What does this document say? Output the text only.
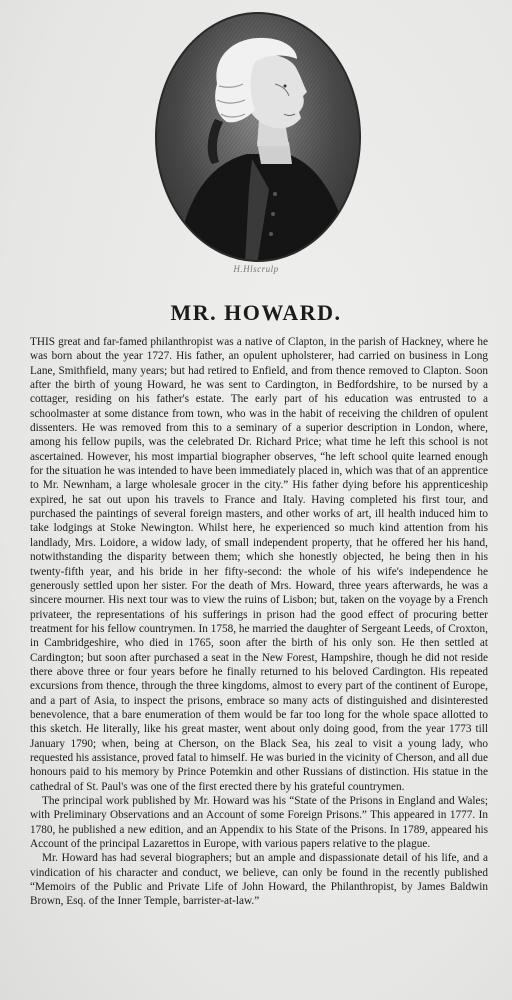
H.Hlscrulp
MR. HOWARD.

THIS great and far-famed philanthropist was a native of Clapton, in the parish of Hackney, where he was born about the year 1727. His father, an opulent upholsterer, had carried on business in Long Lane, Smithfield, many years; but had retired to Enfield, and from thence removed to Clapton. Soon after the birth of young Howard, he was sent to Cardington, in Bedfordshire, to be nursed by a cottager, residing on his father's estate. The early part of his education was entrusted to a schoolmaster at some distance from town, who was in the habit of receiving the children of opulent dissenters. He was removed from this to a seminary of a superior description in London, where, among his fellow pupils, was the celebrated Dr. Richard Price; what time he left this school is not ascertained. However, his most impartial biographer observes, “he left school quite learned enough for the situation he was intended to have been immediately placed in, which was that of an apprentice to Mr. Newnham, a large wholesale grocer in the city.” His father dying before his apprenticeship expired, he sat out upon his travels to France and Italy. Having completed his first tour, and purchased the paintings of several foreign masters, and other works of art, ill health induced him to take lodgings at Stoke Newington. Whilst here, he experienced so much kind attention from his landlady, Mrs. Loidore, a widow lady, of small independent property, that he offered her his hand, notwithstanding the disparity between them; which she honestly objected, he being then in his twenty-fifth year, and his bride in her fifty-second: the whole of his wife's independence he generously settled upon her sister. For the death of Mrs. Howard, three years afterwards, he was a sincere mourner. His next tour was to view the ruins of Lisbon; but, taken on the voyage by a French privateer, the representations of his sufferings in prison had the good effect of procuring better treatment for his fellow countrymen. In 1758, he married the daughter of Sergeant Leeds, of Croxton, in Cambridgeshire, who died in 1765, soon after the birth of his only son. He then settled at Cardington; but soon after purchased a seat in the New Forest, Hampshire, though he did not reside there above three or four years before he finally returned to his beloved Cardington. His repeated excursions from thence, through the three kingdoms, almost to every part of the continent of Europe, and a part of Asia, to inspect the prisons, embrace so many acts of distinguished and disinterested benevolence, that a bare enumeration of them would be far too long for the whole space allotted to this sketch. He literally, like his great master, went about only doing good, from the year 1773 till January 1790; when, being at Cherson, on the Black Sea, his zeal to visit a young lady, who requested his assistance, proved fatal to himself. He was buried in the vicinity of Cherson, and all due honours paid to his memory by Prince Potemkin and other Russians of distinction. His statue in the cathedral of St. Paul's was one of the first erected there by his grateful countrymen.

The principal work published by Mr. Howard was his “State of the Prisons in England and Wales; with Preliminary Observations and an Account of some Foreign Prisons.” This appeared in 1777. In 1780, he published a new edition, and an Appendix to his State of the Prisons. In 1789, appeared his Account of the principal Lazarettos in Europe, with various papers relative to the plague.

Mr. Howard has had several biographers; but an ample and dispassionate detail of his life, and a vindication of his character and conduct, we believe, can only be found in the recently published “Memoirs of the Public and Private Life of John Howard, the Philanthropist, by James Baldwin Brown, Esq. of the Inner Temple, barrister-at-law.”
